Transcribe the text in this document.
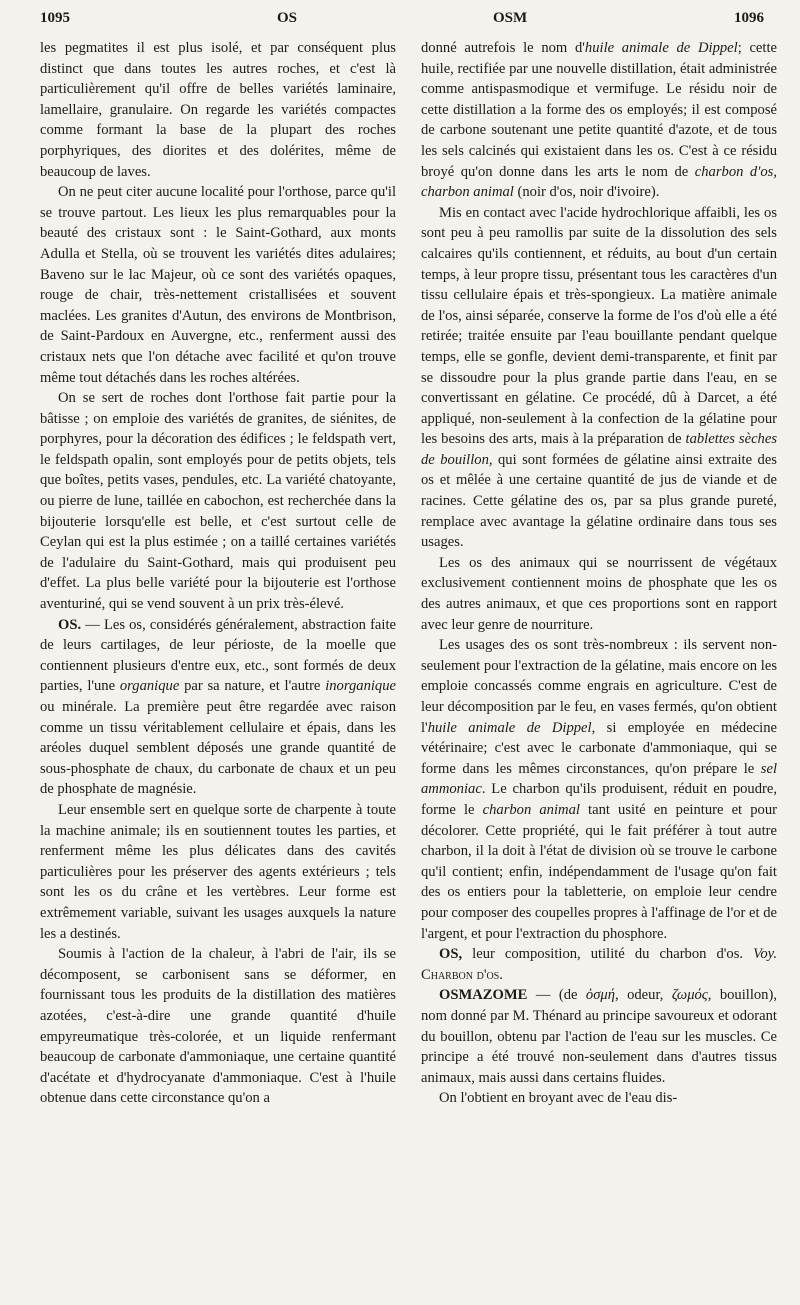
1095	OS	OSM	1096

les pegmatites il est plus isolé, et par conséquent plus distinct que dans toutes les autres roches, et c'est là particulièrement qu'il offre de belles variétés laminaire, lamellaire, granulaire. On regarde les variétés compactes comme formant la base de la plupart des roches porphyriques, des diorites et des dolérites, même de beaucoup de laves.

On ne peut citer aucune localité pour l'orthose, parce qu'il se trouve partout. Les lieux les plus remarquables pour la beauté des cristaux sont : le Saint-Gothard, aux monts Adulla et Stella, où se trouvent les variétés dites adulaires; Baveno sur le lac Majeur, où ce sont des variétés opaques, rouge de chair, très-nettement cristallisées et souvent maclées. Les granites d'Autun, des environs de Montbrison, de Saint-Pardoux en Auvergne, etc., renferment aussi des cristaux nets que l'on détache avec facilité et qu'on trouve même tout détachés dans les roches altérées.

On se sert de roches dont l'orthose fait partie pour la bâtisse ; on emploie des variétés de granites, de siénites, de porphyres, pour la décoration des édifices ; le feldspath vert, le feldspath opalin, sont employés pour de petits objets, tels que boîtes, petits vases, pendules, etc. La variété chatoyante, ou pierre de lune, taillée en cabochon, est recherchée dans la bijouterie lorsqu'elle est belle, et c'est surtout celle de Ceylan qui est la plus estimée ; on a taillé certaines variétés de l'adulaire du Saint-Gothard, mais qui produisent peu d'effet. La plus belle variété pour la bijouterie est l'orthose aventuriné, qui se vend souvent à un prix très-élevé.

OS. — Les os, considérés généralement, abstraction faite de leurs cartilages, de leur périoste, de la moelle que contiennent plusieurs d'entre eux, etc., sont formés de deux parties, l'une organique par sa nature, et l'autre inorganique ou minérale. La première peut être regardée avec raison comme un tissu véritablement cellulaire et épais, dans les aréoles duquel semblent déposés une grande quantité de sous-phosphate de chaux, du carbonate de chaux et un peu de phosphate de magnésie.

Leur ensemble sert en quelque sorte de charpente à toute la machine animale; ils en soutiennent toutes les parties, et renferment même les plus délicates dans des cavités particulières pour les préserver des agents extérieurs ; tels sont les os du crâne et les vertèbres. Leur forme est extrêmement variable, suivant les usages auxquels la nature les a destinés.

Soumis à l'action de la chaleur, à l'abri de l'air, ils se décomposent, se carbonisent sans se déformer, en fournissant tous les produits de la distillation des matières azotées, c'est-à-dire une grande quantité d'huile empyreumatique très-colorée, et un liquide renfermant beaucoup de carbonate d'ammoniaque, une certaine quantité d'acétate et d'hydrocyanate d'ammoniaque. C'est à l'huile obtenue dans cette circonstance qu'on a

donné autrefois le nom d'huile animale de Dippel; cette huile, rectifiée par une nouvelle distillation, était administrée comme antispasmodique et vermifuge. Le résidu noir de cette distillation a la forme des os employés; il est composé de carbone soutenant une petite quantité d'azote, et de tous les sels calcinés qui existaient dans les os. C'est à ce résidu broyé qu'on donne dans les arts le nom de charbon d'os, charbon animal (noir d'os, noir d'ivoire).

Mis en contact avec l'acide hydrochlorique affaibli, les os sont peu à peu ramollis par suite de la dissolution des sels calcaires qu'ils contiennent, et réduits, au bout d'un certain temps, à leur propre tissu, présentant tous les caractères d'un tissu cellulaire épais et très-spongieux. La matière animale de l'os, ainsi séparée, conserve la forme de l'os d'où elle a été retirée; traitée ensuite par l'eau bouillante pendant quelque temps, elle se gonfle, devient demi-transparente, et finit par se dissoudre pour la plus grande partie dans l'eau, en se convertissant en gélatine. Ce procédé, dû à Darcet, a été appliqué, non-seulement à la confection de la gélatine pour les besoins des arts, mais à la préparation de tablettes sèches de bouillon, qui sont formées de gélatine ainsi extraite des os et mêlée à une certaine quantité de jus de viande et de racines. Cette gélatine des os, par sa plus grande pureté, remplace avec avantage la gélatine ordinaire dans tous ses usages.

Les os des animaux qui se nourrissent de végétaux exclusivement contiennent moins de phosphate que les os des autres animaux, et que ces proportions sont en rapport avec leur genre de nourriture.

Les usages des os sont très-nombreux : ils servent non-seulement pour l'extraction de la gélatine, mais encore on les emploie concassés comme engrais en agriculture. C'est de leur décomposition par le feu, en vases fermés, qu'on obtient l'huile animale de Dippel, si employée en médecine vétérinaire; c'est avec le carbonate d'ammoniaque, qui se forme dans les mêmes circonstances, qu'on prépare le sel ammoniac. Le charbon qu'ils produisent, réduit en poudre, forme le charbon animal tant usité en peinture et pour décolorer. Cette propriété, qui le fait préférer à tout autre charbon, il la doit à l'état de division où se trouve le carbone qu'il contient; enfin, indépendamment de l'usage qu'on fait des os entiers pour la tabletterie, on emploie leur cendre pour composer des coupelles propres à l'affinage de l'or et de l'argent, et pour l'extraction du phosphore.

OS, leur composition, utilité du charbon d'os. Voy. Charbon d'os.

OSMAZOME — (de ὀσμή, odeur, ζωμός, bouillon), nom donné par M. Thénard au principe savoureux et odorant du bouillon, obtenu par l'action de l'eau sur les muscles. Ce principe a été trouvé non-seulement dans d'autres tissus animaux, mais aussi dans certains fluides.

On l'obtient en broyant avec de l'eau dis-
